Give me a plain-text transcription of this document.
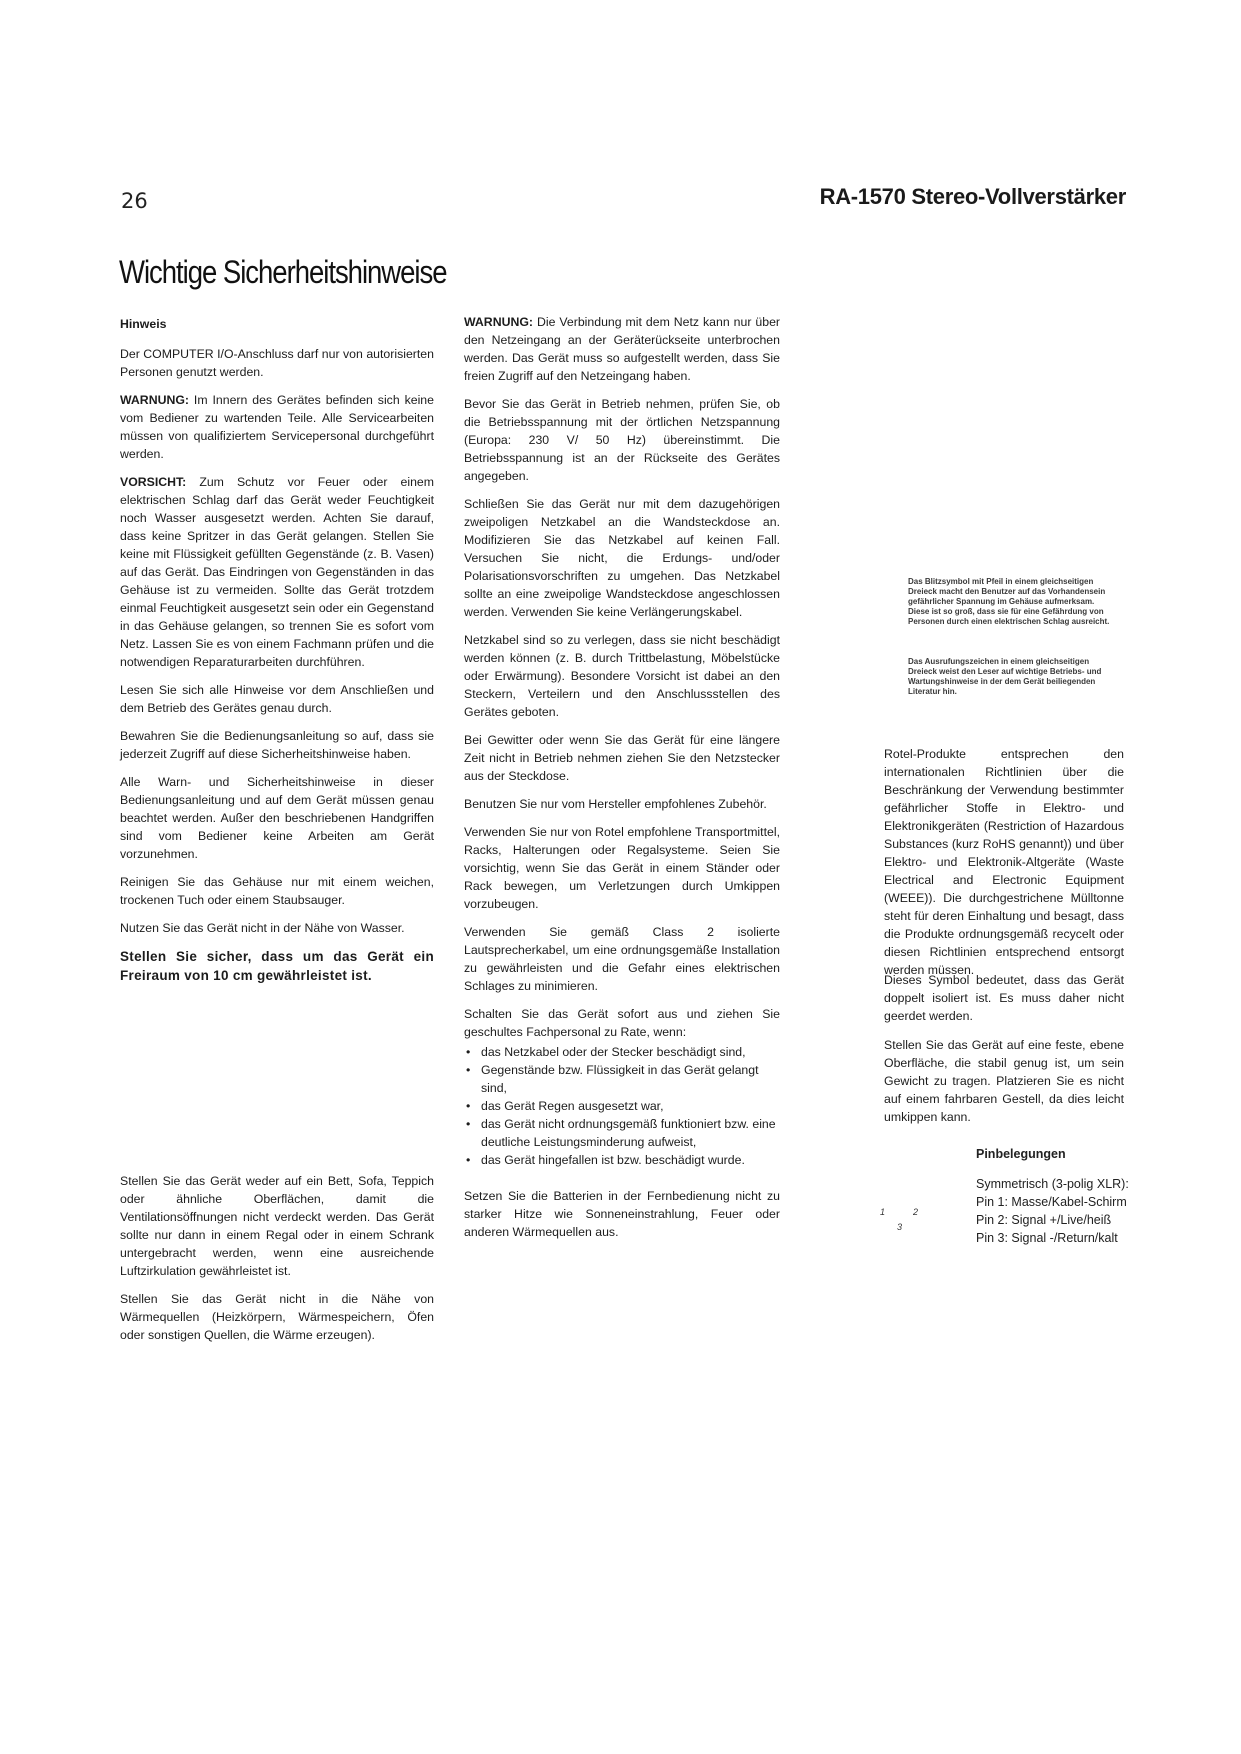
26	RA-1570 Stereo-Vollverstärker
Wichtige Sicherheitshinweise

Hinweis

Der COMPUTER I/O-Anschluss darf nur von autorisierten Personen genutzt werden.

WARNUNG: Im Innern des Gerätes befinden sich keine vom Bediener zu wartenden Teile. Alle Servicearbeiten müssen von qualifiziertem Servicepersonal durchgeführt werden.

VORSICHT: Zum Schutz vor Feuer oder einem elektrischen Schlag darf das Gerät weder Feuchtigkeit noch Wasser ausgesetzt werden. Achten Sie darauf, dass keine Spritzer in das Gerät gelangen. Stellen Sie keine mit Flüssigkeit gefüllten Gegenstände (z. B. Vasen) auf das Gerät. Das Eindringen von Gegenständen in das Gehäuse ist zu vermeiden. Sollte das Gerät trotzdem einmal Feuchtigkeit ausgesetzt sein oder ein Gegenstand in das Gehäuse gelangen, so trennen Sie es sofort vom Netz. Lassen Sie es von einem Fachmann prüfen und die notwendigen Reparaturarbeiten durchführen.

Lesen Sie sich alle Hinweise vor dem Anschließen und dem Betrieb des Gerätes genau durch.

Bewahren Sie die Bedienungsanleitung so auf, dass sie jederzeit Zugriff auf diese Sicherheitshinweise haben.

Alle Warn- und Sicherheitshinweise in dieser Bedienungsanleitung und auf dem Gerät müssen genau beachtet werden. Außer den beschriebenen Handgriffen sind vom Bediener keine Arbeiten am Gerät vorzunehmen.

Reinigen Sie das Gehäuse nur mit einem weichen, trockenen Tuch oder einem Staubsauger.

Nutzen Sie das Gerät nicht in der Nähe von Wasser.

Stellen Sie sicher, dass um das Gerät ein Freiraum von 10 cm gewährleistet ist.

Stellen Sie das Gerät weder auf ein Bett, Sofa, Teppich oder ähnliche Oberflächen, damit die Ventilationsöffnungen nicht verdeckt werden. Das Gerät sollte nur dann in einem Regal oder in einem Schrank untergebracht werden, wenn eine ausreichende Luftzirkulation gewährleistet ist.

Stellen Sie das Gerät nicht in die Nähe von Wärmequellen (Heizkörpern, Wärmespeichern, Öfen oder sonstigen Quellen, die Wärme erzeugen).

WARNUNG: Die Verbindung mit dem Netz kann nur über den Netzeingang an der Geräterückseite unterbrochen werden. Das Gerät muss so aufgestellt werden, dass Sie freien Zugriff auf den Netzeingang haben.

Bevor Sie das Gerät in Betrieb nehmen, prüfen Sie, ob die Betriebsspannung mit der örtlichen Netzspannung (Europa: 230 V/ 50 Hz) übereinstimmt. Die Betriebsspannung ist an der Rückseite des Gerätes angegeben.

Schließen Sie das Gerät nur mit dem dazugehörigen zweipoligen Netzkabel an die Wandsteckdose an. Modifizieren Sie das Netzkabel auf keinen Fall. Versuchen Sie nicht, die Erdungs- und/oder Polarisationsvorschriften zu umgehen. Das Netzkabel sollte an eine zweipolige Wandsteckdose angeschlossen werden. Verwenden Sie keine Verlängerungskabel.

Netzkabel sind so zu verlegen, dass sie nicht beschädigt werden können (z. B. durch Trittbelastung, Möbelstücke oder Erwärmung). Besondere Vorsicht ist dabei an den Steckern, Verteilern und den Anschlussstellen des Gerätes geboten.

Bei Gewitter oder wenn Sie das Gerät für eine längere Zeit nicht in Betrieb nehmen ziehen Sie den Netzstecker aus der Steckdose.

Benutzen Sie nur vom Hersteller empfohlenes Zubehör.

Verwenden Sie nur von Rotel empfohlene Transportmittel, Racks, Halterungen oder Regalsysteme. Seien Sie vorsichtig, wenn Sie das Gerät in einem Ständer oder Rack bewegen, um Verletzungen durch Umkippen vorzubeugen.

Verwenden Sie gemäß Class 2 isolierte Lautsprecherkabel, um eine ordnungsgemäße Installation zu gewährleisten und die Gefahr eines elektrischen Schlages zu minimieren.

Schalten Sie das Gerät sofort aus und ziehen Sie geschultes Fachpersonal zu Rate, wenn:

• das Netzkabel oder der Stecker beschädigt sind,
• Gegenstände bzw. Flüssigkeit in das Gerät gelangt sind,
• das Gerät Regen ausgesetzt war,
• das Gerät nicht ordnungsgemäß funktioniert bzw. eine deutliche Leistungsminderung aufweist,
• das Gerät hingefallen ist bzw. beschädigt wurde.

Setzen Sie die Batterien in der Fernbedienung nicht zu starker Hitze wie Sonneneinstrahlung, Feuer oder anderen Wärmequellen aus.

Das Blitzsymbol mit Pfeil in einem gleichseitigen Dreieck macht den Benutzer auf das Vorhandensein gefährlicher Spannung im Gehäuse aufmerksam. Diese ist so groß, dass sie für eine Gefährdung von Personen durch einen elektrischen Schlag ausreicht.
Das Ausrufungszeichen in einem gleichseitigen Dreieck weist den Leser auf wichtige Betriebs- und Wartungshinweise in der dem Gerät beiliegenden Literatur hin.

Rotel-Produkte entsprechen den internationalen Richtlinien über die Beschränkung der Verwendung bestimmter gefährlicher Stoffe in Elektro- und Elektronikgeräten (Restriction of Hazardous Substances (kurz RoHS genannt)) und über Elektro- und Elektronik-Altgeräte (Waste Electrical and Electronic Equipment (WEEE)). Die durchgestrichene Mülltonne steht für deren Einhaltung und besagt, dass die Produkte ordnungsgemäß recycelt oder diesen Richtlinien entsprechend entsorgt werden müssen.

Dieses Symbol bedeutet, dass das Gerät doppelt isoliert ist. Es muss daher nicht geerdet werden.

Stellen Sie das Gerät auf eine feste, ebene Oberfläche, die stabil genug ist, um sein Gewicht zu tragen. Platzieren Sie es nicht auf einem fahrbaren Gestell, da dies leicht umkippen kann.

1	2
3
Pinbelegungen
Symmetrisch (3-polig XLR):
Pin 1: Masse/Kabel-Schirm
Pin 2: Signal +/Live/heiß
Pin 3: Signal -/Return/kalt
